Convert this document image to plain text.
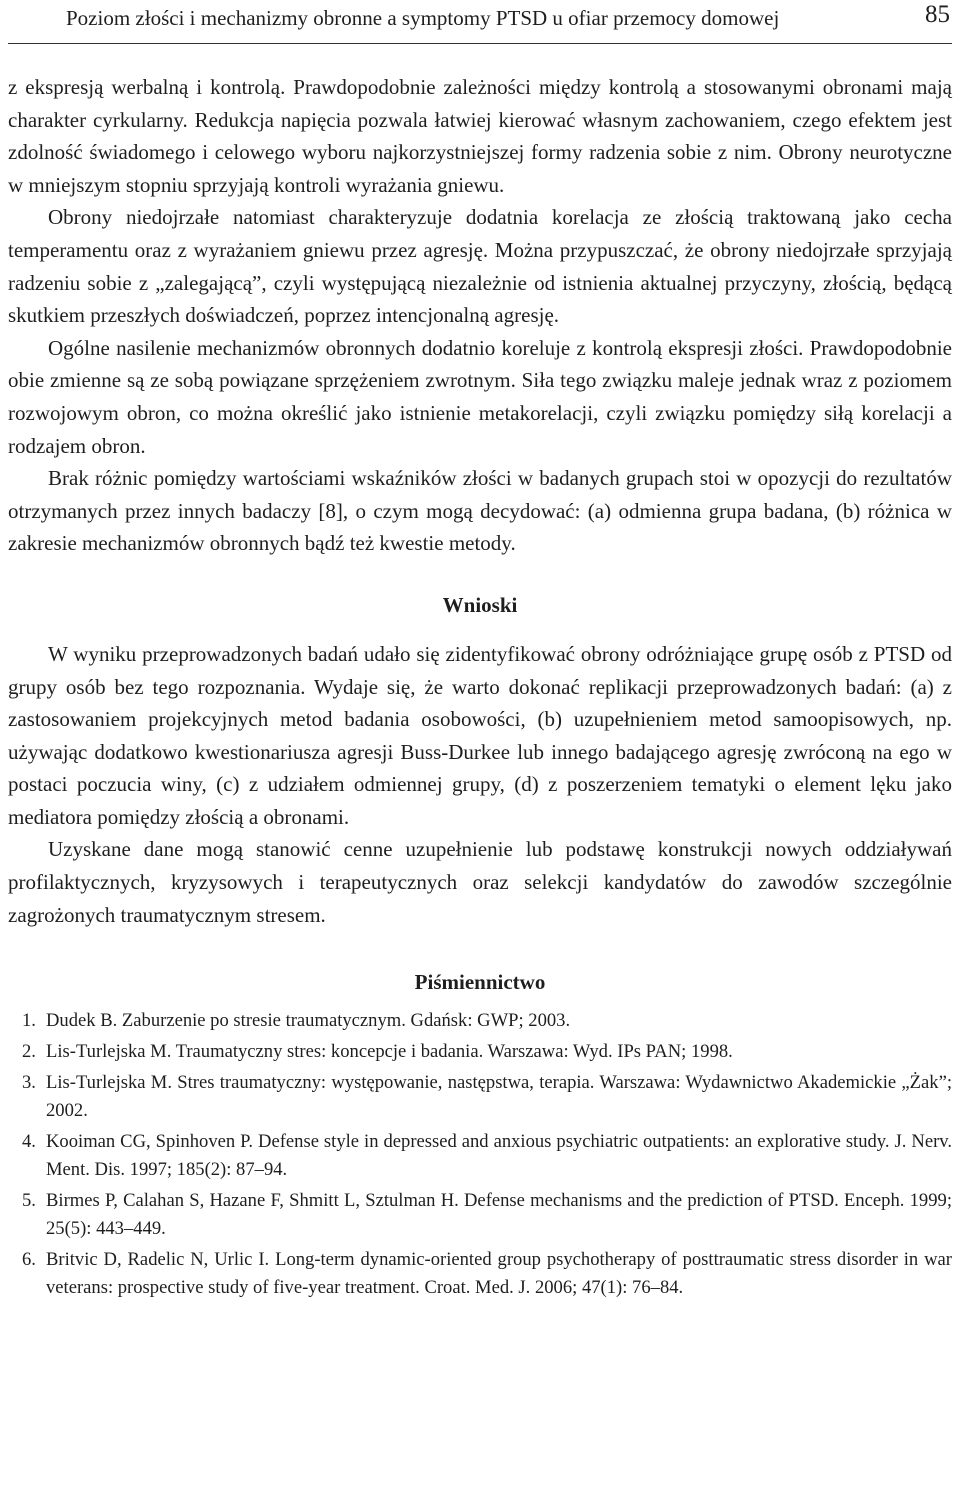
Poziom złości i mechanizmy obronne a symptomy PTSD u ofiar przemocy domowej	85

z ekspresją werbalną i kontrolą. Prawdopodobnie zależności między kontrolą a stosowanymi obronami mają charakter cyrkularny. Redukcja napięcia pozwala łatwiej kierować własnym zachowaniem, czego efektem jest zdolność świadomego i celowego wyboru najkorzystniejszej formy radzenia sobie z nim. Obrony neurotyczne w mniejszym stopniu sprzyjają kontroli wyrażania gniewu.

Obrony niedojrzałe natomiast charakteryzuje dodatnia korelacja ze złością traktowaną jako cecha temperamentu oraz z wyrażaniem gniewu przez agresję. Można przypuszczać, że obrony niedojrzałe sprzyjają radzeniu sobie z „zalegającą”, czyli występującą niezależnie od istnienia aktualnej przyczyny, złością, będącą skutkiem przeszłych doświadczeń, poprzez intencjonalną agresję.

Ogólne nasilenie mechanizmów obronnych dodatnio koreluje z kontrolą ekspresji złości. Prawdopodobnie obie zmienne są ze sobą powiązane sprzężeniem zwrotnym. Siła tego związku maleje jednak wraz z poziomem rozwojowym obron, co można określić jako istnienie metakorelacji, czyli związku pomiędzy siłą korelacji a rodzajem obron.

Brak różnic pomiędzy wartościami wskaźników złości w badanych grupach stoi w opozycji do rezultatów otrzymanych przez innych badaczy [8], o czym mogą decydować: (a) odmienna grupa badana, (b) różnica w zakresie mechanizmów obronnych bądź też kwestie metody.

Wnioski

W wyniku przeprowadzonych badań udało się zidentyfikować obrony odróżniające grupę osób z PTSD od grupy osób bez tego rozpoznania. Wydaje się, że warto dokonać replikacji przeprowadzonych badań: (a) z zastosowaniem projekcyjnych metod badania osobowości, (b) uzupełnieniem metod samoopisowych, np. używając dodatkowo kwestionariusza agresji Buss-Durkee lub innego badającego agresję zwróconą na ego w postaci poczucia winy, (c) z udziałem odmiennej grupy, (d) z poszerzeniem tematyki o element lęku jako mediatora pomiędzy złością a obronami.

Uzyskane dane mogą stanowić cenne uzupełnienie lub podstawę konstrukcji nowych oddziaływań profilaktycznych, kryzysowych i terapeutycznych oraz selekcji kandydatów do zawodów szczególnie zagrożonych traumatycznym stresem.

Piśmiennictwo
1. Dudek B. Zaburzenie po stresie traumatycznym. Gdańsk: GWP; 2003.
2. Lis-Turlejska M. Traumatyczny stres: koncepcje i badania. Warszawa: Wyd. IPs PAN; 1998.
3. Lis-Turlejska M. Stres traumatyczny: występowanie, następstwa, terapia. Warszawa: Wydawnictwo Akademickie „Żak”; 2002.
4. Kooiman CG, Spinhoven P. Defense style in depressed and anxious psychiatric outpatients: an explorative study. J. Nerv. Ment. Dis. 1997; 185(2): 87–94.
5. Birmes P, Calahan S, Hazane F, Shmitt L, Sztulman H. Defense mechanisms and the prediction of PTSD. Enceph. 1999; 25(5): 443–449.
6. Britvic D, Radelic N, Urlic I. Long-term dynamic-oriented group psychotherapy of posttraumatic stress disorder in war veterans: prospective study of five-year treatment. Croat. Med. J. 2006; 47(1): 76–84.
